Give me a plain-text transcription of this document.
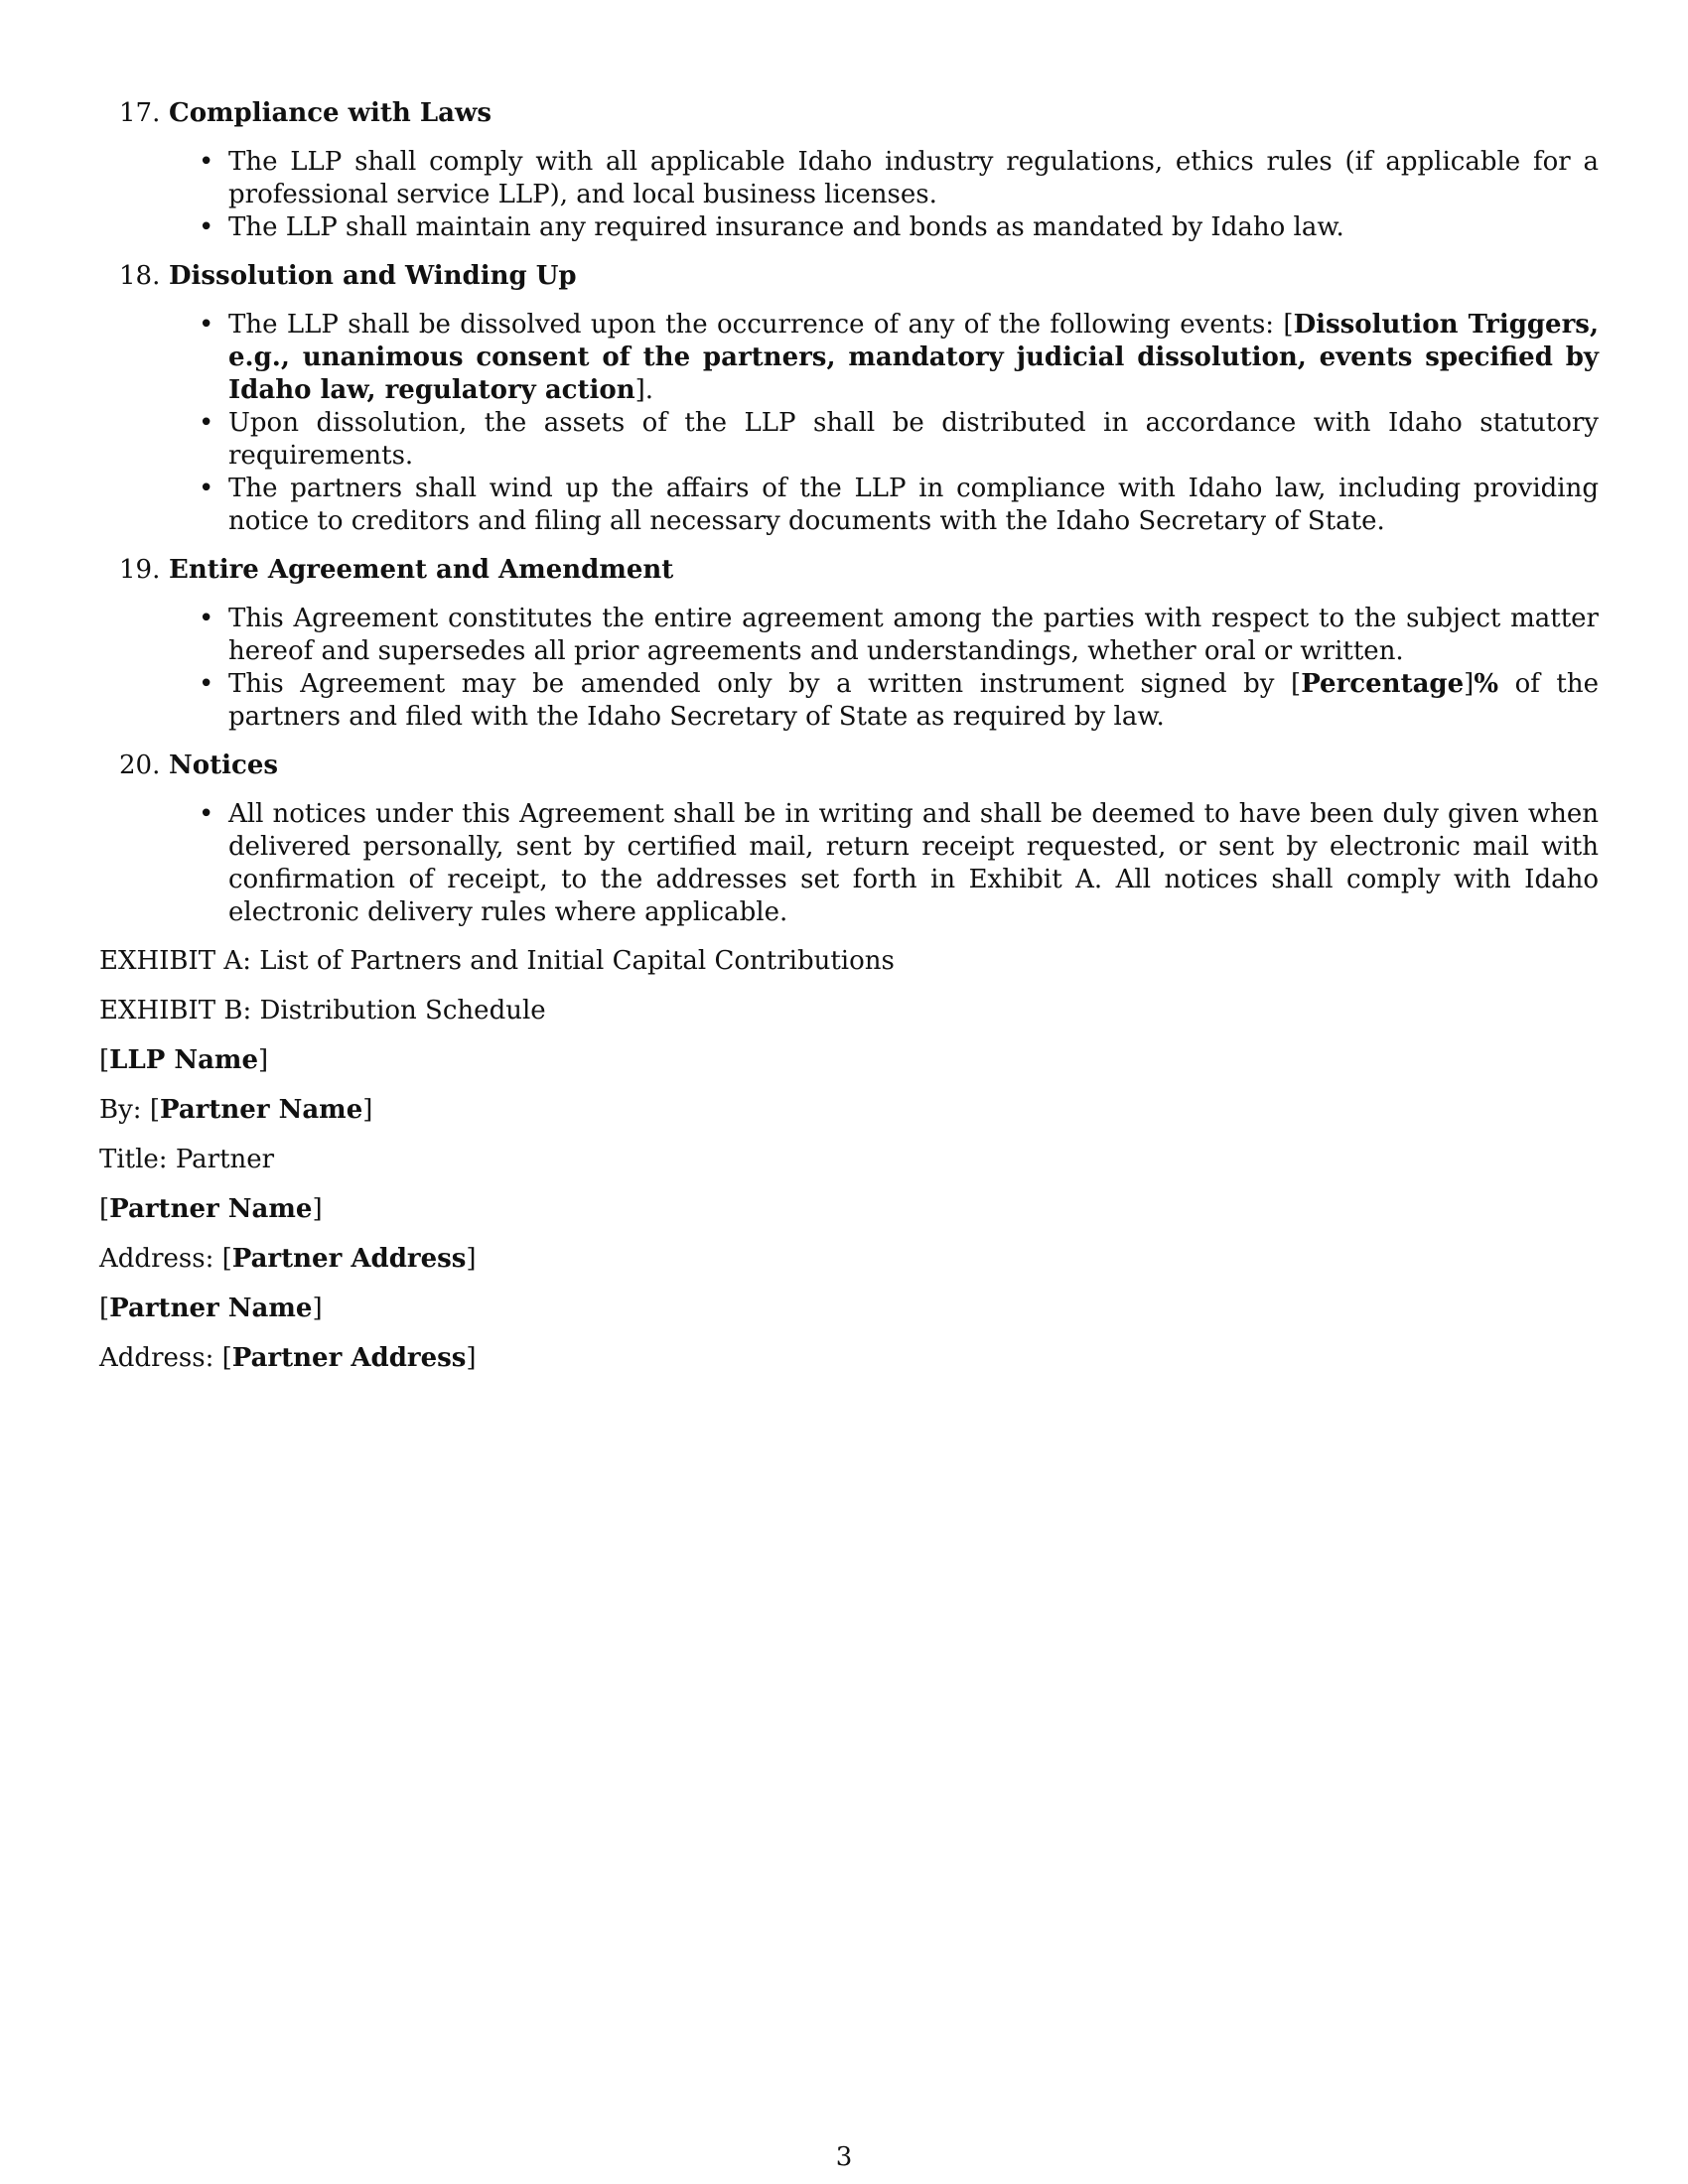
17. Compliance with Laws
• The LLP shall comply with all applicable Idaho industry regulations, ethics rules (if applicable for a professional service LLP), and local business licenses.
• The LLP shall maintain any required insurance and bonds as mandated by Idaho law.
18. Dissolution and Winding Up
• The LLP shall be dissolved upon the occurrence of any of the following events: [Dissolution Triggers, e.g., unanimous consent of the partners, mandatory judicial dissolution, events specified by Idaho law, regulatory action].
• Upon dissolution, the assets of the LLP shall be distributed in accordance with Idaho statutory requirements.
• The partners shall wind up the affairs of the LLP in compliance with Idaho law, including providing notice to creditors and filing all necessary documents with the Idaho Secretary of State.
19. Entire Agreement and Amendment
• This Agreement constitutes the entire agreement among the parties with respect to the subject matter hereof and supersedes all prior agreements and understandings, whether oral or written.
• This Agreement may be amended only by a written instrument signed by [Percentage]% of the partners and filed with the Idaho Secretary of State as required by law.
20. Notices
• All notices under this Agreement shall be in writing and shall be deemed to have been duly given when delivered personally, sent by certified mail, return receipt requested, or sent by electronic mail with confirmation of receipt, to the addresses set forth in Exhibit A. All notices shall comply with Idaho electronic delivery rules where applicable.
EXHIBIT A: List of Partners and Initial Capital Contributions
EXHIBIT B: Distribution Schedule
[LLP Name]
By: [Partner Name]
Title: Partner
[Partner Name]
Address: [Partner Address]
[Partner Name]
Address: [Partner Address]
3
